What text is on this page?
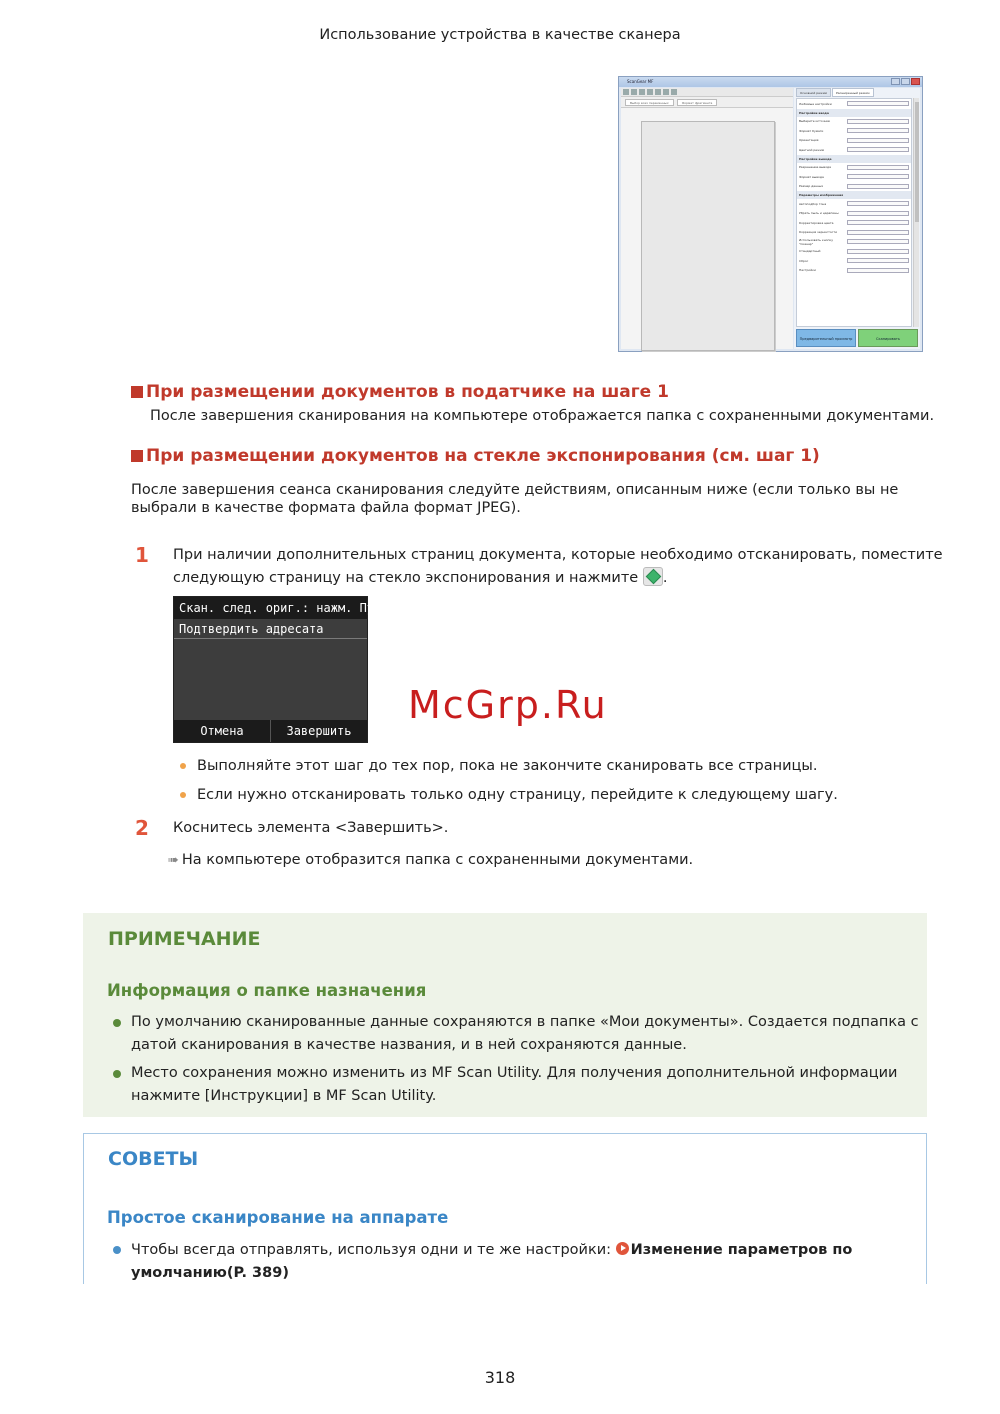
Использование устройства в качестве сканера
ScanGear MF
Выбор всех переменных	Формат фрагмента
Основной режим	Расширенный режим
Любимые настройки
Настройки ввода
Выберите источник
Формат бумаги
Ориентация
Цветной режим
Настройки вывода
Разрешение вывода
Формат вывода
Размер данных
Параметры изображения
Автоподбор тона
Убрать пыль и царапины
Корректировка цвета
Коррекция зернистости
Использовать кнопку "Сканер"
Стандартный
Сброс
Настройки
Предварительный просмотр	Сканировать
При размещении документов в податчике на шаге 1
После завершения сканирования на компьютере отображается папка с сохраненными документами.
При размещении документов на стекле экспонирования (см. шаг 1)
После завершения сеанса сканирования следуйте действиям, описанным ниже (если только вы не
выбрали в качестве формата файла формат JPEG).
1 При наличии дополнительных страниц документа, которые необходимо отсканировать, поместите
следующую страницу на стекло экспонирования и нажмите .
Скан. след. ориг.: нажм. Пуск
Подтвердить адресата
Отмена	Завершить
McGrp.Ru
Выполняйте этот шаг до тех пор, пока не закончите сканировать все страницы.
Если нужно отсканировать только одну страницу, перейдите к следующему шагу.
2 Коснитесь элемента <Завершить>.
➠ На компьютере отобразится папка с сохраненными документами.
ПРИМЕЧАНИЕ
Информация о папке назначения
По умолчанию сканированные данные сохраняются в папке «Мои документы». Создается подпапка с
датой сканирования в качестве названия, и в ней сохраняются данные.
Место сохранения можно изменить из MF Scan Utility. Для получения дополнительной информации
нажмите [Инструкции] в MF Scan Utility.
СОВЕТЫ
Простое сканирование на аппарате
Чтобы всегда отправлять, используя одни и те же настройки: Изменение параметров по
умолчанию(P. 389)
318
